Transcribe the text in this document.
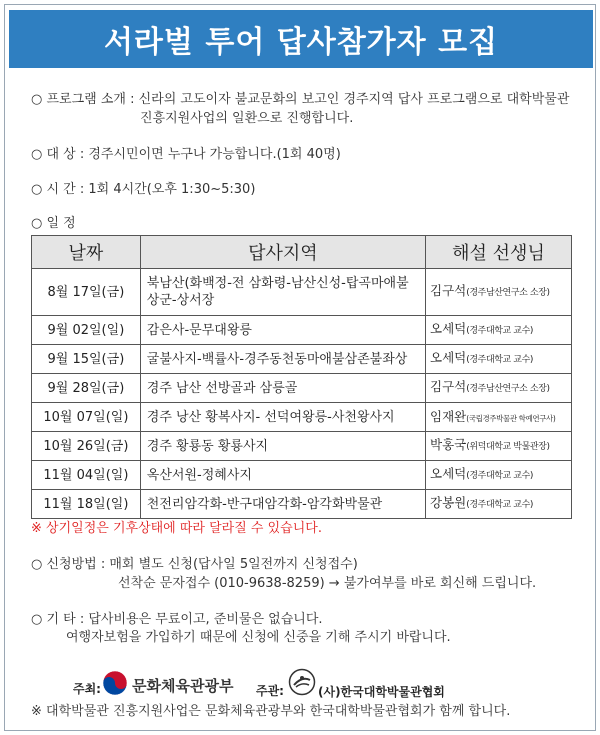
서라벌 투어 답사참가자 모집
○ 프로그램 소개 : 신라의 고도이자 불교문화의 보고인 경주지역 답사 프로그램으로 대학박물관
진흥지원사업의 일환으로 진행합니다.
○ 대 상 : 경주시민이면 누구나 가능합니다.(1회 40명)
○ 시 간 : 1회 4시간(오후 1:30~5:30)
○ 일 정
날짜	답사지역	해설 선생님
8월 17일(금)	북남산(화백정-전 삼화령-남산신성-탑곡마애불상군-상서장	김구석(경주남산연구소 소장)
9월 02일(일)	감은사-문무대왕릉	오세덕(경주대학교 교수)
9월 15일(금)	굴불사지-백률사-경주동천동마애불삼존불좌상	오세덕(경주대학교 교수)
9월 28일(금)	경주 남산 선방골과 삼릉골	김구석(경주남산연구소 소장)
10월 07일(일)	경주 낭산 황복사지- 선덕여왕릉-사천왕사지	임재완(국립경주박물관 학예연구사)
10월 26일(금)	경주 황룡동 황룡사지	박홍국(위덕대학교 박물관장)
11월 04일(일)	옥산서원-정혜사지	오세덕(경주대학교 교수)
11월 18일(일)	천전리암각화-반구대암각화-암각화박물관	강봉원(경주대학교 교수)
※ 상기일정은 기후상태에 따라 달라질 수 있습니다.
○ 신청방법 : 매회 별도 신청(답사일 5일전까지 신청접수)
선착순 문자접수 (010-9638-8259) → 불가여부를 바로 회신해 드립니다.
○ 기 타 : 답사비용은 무료이고, 준비물은 없습니다.
여행자보험을 가입하기 때문에 신청에 신중을 기해 주시기 바랍니다.
주최: 문화체육관광부 주관:	(사)한국대학박물관협회
※ 대학박물관 진흥지원사업은 문화체육관광부와 한국대학박물관협회가 함께 합니다.
